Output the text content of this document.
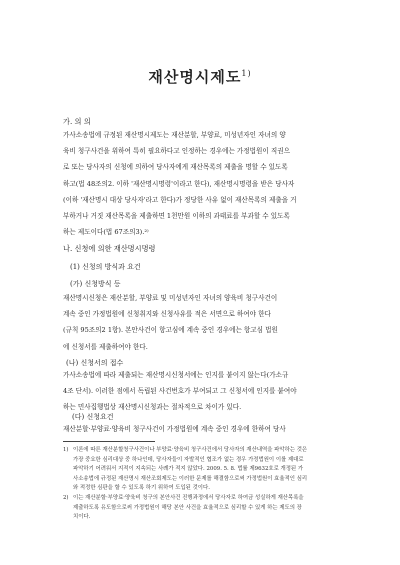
재산명시제도$^{1)}$
가. 의 의
가사소송법에 규정된 재산명시제도는 재산분할, 부양료, 미성년자인 자녀의 양
육비 청구사건을 위하여 특히 필요하다고 인정하는 경우에는 가정법원이 직권으
로 또는 당사자의 신청에 의하여 당사자에게 재산목록의 제출을 명할 수 있도록
하고(법 48조의2. 이하 '재산명시명령'이라고 한다), 재산명시명령을 받은 당사자
(이하 '재산명시 대상 당사자'라고 한다)가 정당한 사유 없이 재산목록의 제출을 거
부하거나 거짓 재산목록을 제출하면 1천만원 이하의 과태료를 부과할 수 있도록
하는 제도이다(법 67조의3).²⁾
나. 신청에 의한 재산명시명령
(1) 신청의 방식과 요건
(가) 신청방식 등
재산명시신청은 재산분할, 부양료 및 미성년자인 자녀의 양육비 청구사건이
계속 중인 가정법원에 신청취지와 신청사유를 적은 서면으로 하여야 한다
(규칙 95조의2 1항). 본안사건이 항고심에 계속 중인 경우에는 항고심 법원
에 신청서를 제출하여야 한다.
(나) 신청서의 접수
가사소송법에 따라 제출되는 재산명시신청서에는 인지를 붙이지 않는다(가소규
4조 단서). 이러한 점에서 독립된 사건번호가 부여되고 그 신청서에 인지를 붙여야
하는 민사집행법상 재산명시신청과는 절차적으로 차이가 있다.
(다) 신청요건
재산분할·부양료·양육비 청구사건이 가정법원에 계속 중인 경우에 한하여 당사
1) 이론에 따른 재산분할청구사건이나 부양료·양육비 청구사건에서 당사자의 재산내역을 파악하는 것은
가장 중요한 심리대상 중 하나인데, 당사자들이 자발적인 협조가 없는 경우 가정법원이 이를 제대로
파악하기 어려워서 지적이 지속되는 사례가 적지 않았다. 2009. 5. 8. 법률 제9632호로 개정된 가
사소송법에 규정된 재산명시 재산조회제도는 이러한 문제를 해결함으로써 가정법원이 효율적인 심리
와 적정한 심판을 할 수 있도록 하기 위하여 도입된 것이다.
2) 이는 재산분할·부양료·양육비 청구의 본안사건 진행과정에서 당사자로 하여금 성실하게 재산목록을
제출하도록 유도함으로써 가정법원이 해당 본안 사건을 효율적으로 심리할 수 있게 하는 제도의 장
치이다.
